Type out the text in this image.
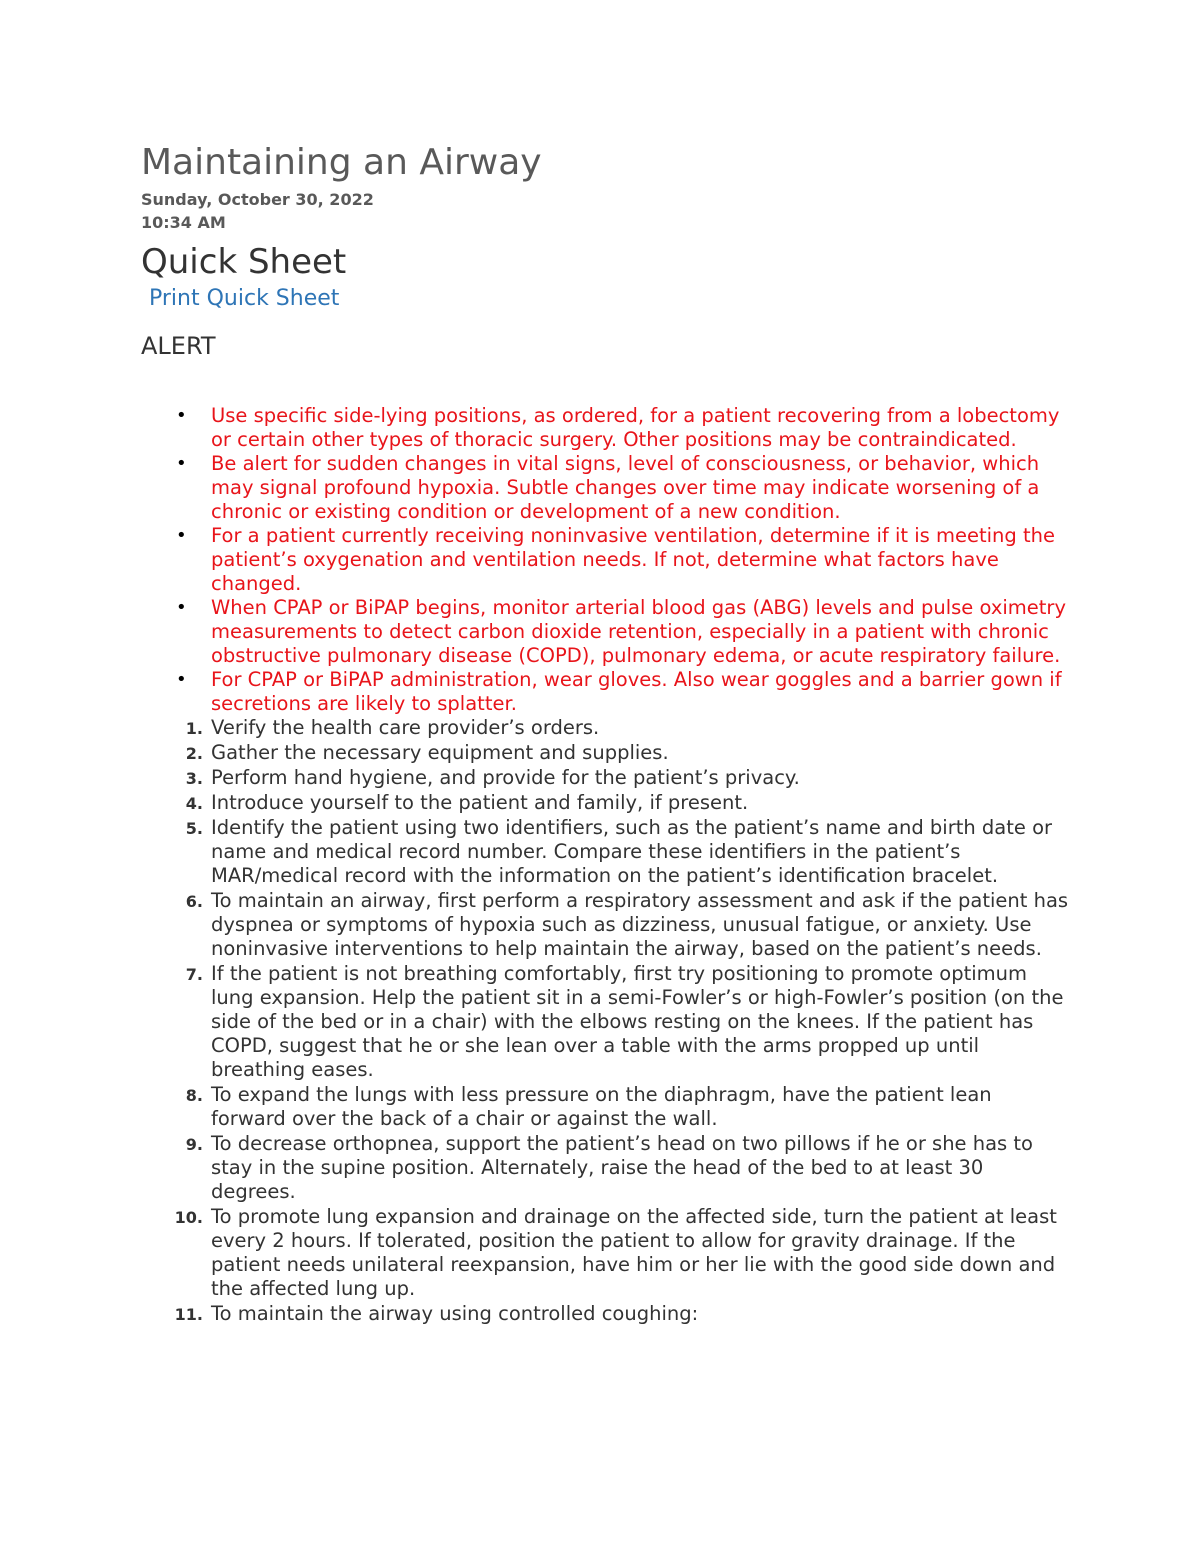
Maintaining an Airway
Sunday, October 30, 2022
10:34 AM
Quick Sheet
Print Quick Sheet
ALERT
• Use specific side-lying positions, as ordered, for a patient recovering from a lobectomy or certain other types of thoracic surgery. Other positions may be contraindicated.
• Be alert for sudden changes in vital signs, level of consciousness, or behavior, which may signal profound hypoxia. Subtle changes over time may indicate worsening of a chronic or existing condition or development of a new condition.
• For a patient currently receiving noninvasive ventilation, determine if it is meeting the patient’s oxygenation and ventilation needs. If not, determine what factors have changed.
• When CPAP or BiPAP begins, monitor arterial blood gas (ABG) levels and pulse oximetry measurements to detect carbon dioxide retention, especially in a patient with chronic obstructive pulmonary disease (COPD), pulmonary edema, or acute respiratory failure.
• For CPAP or BiPAP administration, wear gloves. Also wear goggles and a barrier gown if secretions are likely to splatter.
1. Verify the health care provider’s orders.
2. Gather the necessary equipment and supplies.
3. Perform hand hygiene, and provide for the patient’s privacy.
4. Introduce yourself to the patient and family, if present.
5. Identify the patient using two identifiers, such as the patient’s name and birth date or name and medical record number. Compare these identifiers in the patient’s MAR/medical record with the information on the patient’s identification bracelet.
6. To maintain an airway, first perform a respiratory assessment and ask if the patient has dyspnea or symptoms of hypoxia such as dizziness, unusual fatigue, or anxiety. Use noninvasive interventions to help maintain the airway, based on the patient’s needs.
7. If the patient is not breathing comfortably, first try positioning to promote optimum lung expansion. Help the patient sit in a semi-Fowler’s or high-Fowler’s position (on the side of the bed or in a chair) with the elbows resting on the knees. If the patient has COPD, suggest that he or she lean over a table with the arms propped up until breathing eases.
8. To expand the lungs with less pressure on the diaphragm, have the patient lean forward over the back of a chair or against the wall.
9. To decrease orthopnea, support the patient’s head on two pillows if he or she has to stay in the supine position. Alternately, raise the head of the bed to at least 30 degrees.
10. To promote lung expansion and drainage on the affected side, turn the patient at least every 2 hours. If tolerated, position the patient to allow for gravity drainage. If the patient needs unilateral reexpansion, have him or her lie with the good side down and the affected lung up.
11. To maintain the airway using controlled coughing:
